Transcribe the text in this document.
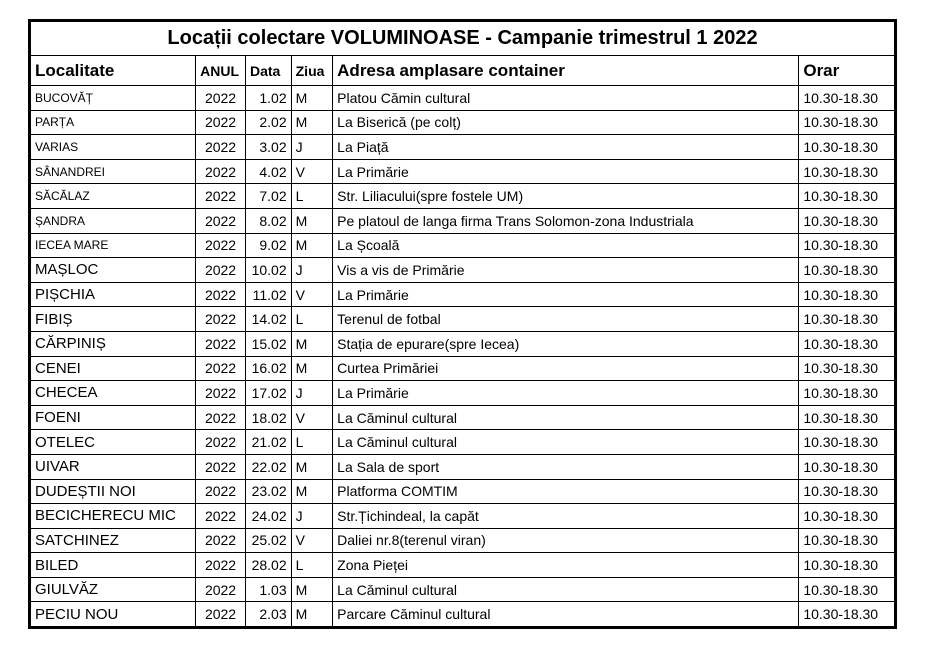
Locații colectare VOLUMINOASE - Campanie trimestrul 1 2022					
Localitate	ANUL	Data	Ziua	Adresa amplasare container	Orar
BUCOVĂȚ	2022	1.02	M	Platou Cămin cultural	10.30-18.30
PARȚA	2022	2.02	M	La Biserică (pe colț)	10.30-18.30
VARIAS	2022	3.02	J	La Piață	10.30-18.30
SÂNANDREI	2022	4.02	V	La Primărie	10.30-18.30
SĂCĂLAZ	2022	7.02	L	Str. Liliacului(spre fostele UM)	10.30-18.30
ȘANDRA	2022	8.02	M	Pe platoul de langa firma Trans Solomon-zona Industriala	10.30-18.30
IECEA MARE	2022	9.02	M	La Școală	10.30-18.30
MAȘLOC	2022	10.02	J	Vis a vis de Primărie	10.30-18.30
PIȘCHIA	2022	11.02	V	La Primărie	10.30-18.30
FIBIȘ	2022	14.02	L	Terenul de fotbal	10.30-18.30
CĂRPINIȘ	2022	15.02	M	Stația de epurare(spre Iecea)	10.30-18.30
CENEI	2022	16.02	M	Curtea Primăriei	10.30-18.30
CHECEA	2022	17.02	J	La Primărie	10.30-18.30
FOENI	2022	18.02	V	La Căminul cultural	10.30-18.30
OTELEC	2022	21.02	L	La Căminul cultural	10.30-18.30
UIVAR	2022	22.02	M	La Sala de sport	10.30-18.30
DUDEȘTII NOI	2022	23.02	M	Platforma COMTIM	10.30-18.30
BECICHERECU MIC	2022	24.02	J	Str.Țichindeal, la capăt	10.30-18.30
SATCHINEZ	2022	25.02	V	Daliei nr.8(terenul viran)	10.30-18.30
BILED	2022	28.02	L	Zona Pieței	10.30-18.30
GIULVĂZ	2022	1.03	M	La Căminul cultural	10.30-18.30
PECIU NOU	2022	2.03	M	Parcare Căminul cultural	10.30-18.30
